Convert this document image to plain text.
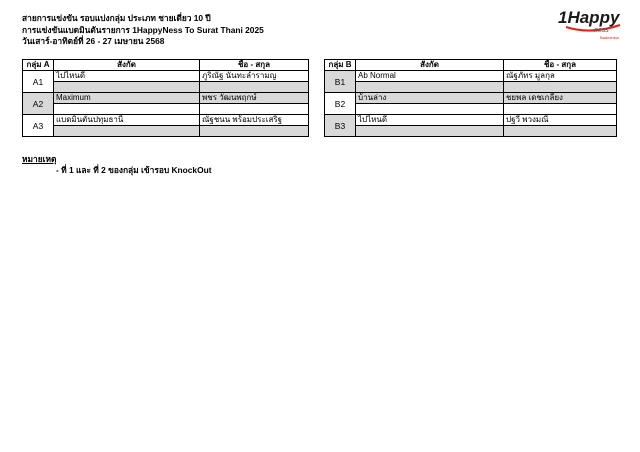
สายการแข่งขัน รอบแบ่งกลุ่ม ประเภท ชายเดี่ยว 10 ปี
การแข่งขันแบดมินตันรายการ 1HappyNess To Surat Thani 2025
วันเสาร์-อาทิตย์ที่ 26 - 27 เมษายน 2568
1Happy
ness
Badminton
กลุ่ม A	สังกัด	ชื่อ - สกุล
A1	ไปไหนดี	ภูริณัฐ นันทะลำรามญ

A2	Maximum	พชร วัฒนพฤกษ์

A3	แบดมินตันปทุมธานี	ณัฐชนน พร้อมประเสริฐ

กลุ่ม B	สังกัด	ชื่อ - สกุล
B1	Ab Normal	ณัฐภัทร มูลกุล

B2	บ้านล่าง	ชยพล เดชเกลี้ยง

B3	ไปไหนดี	ปฐวี พวงมณี

หมายเหตุ
- ที่ 1 และ ที่ 2 ของกลุ่ม เข้ารอบ KnockOut
